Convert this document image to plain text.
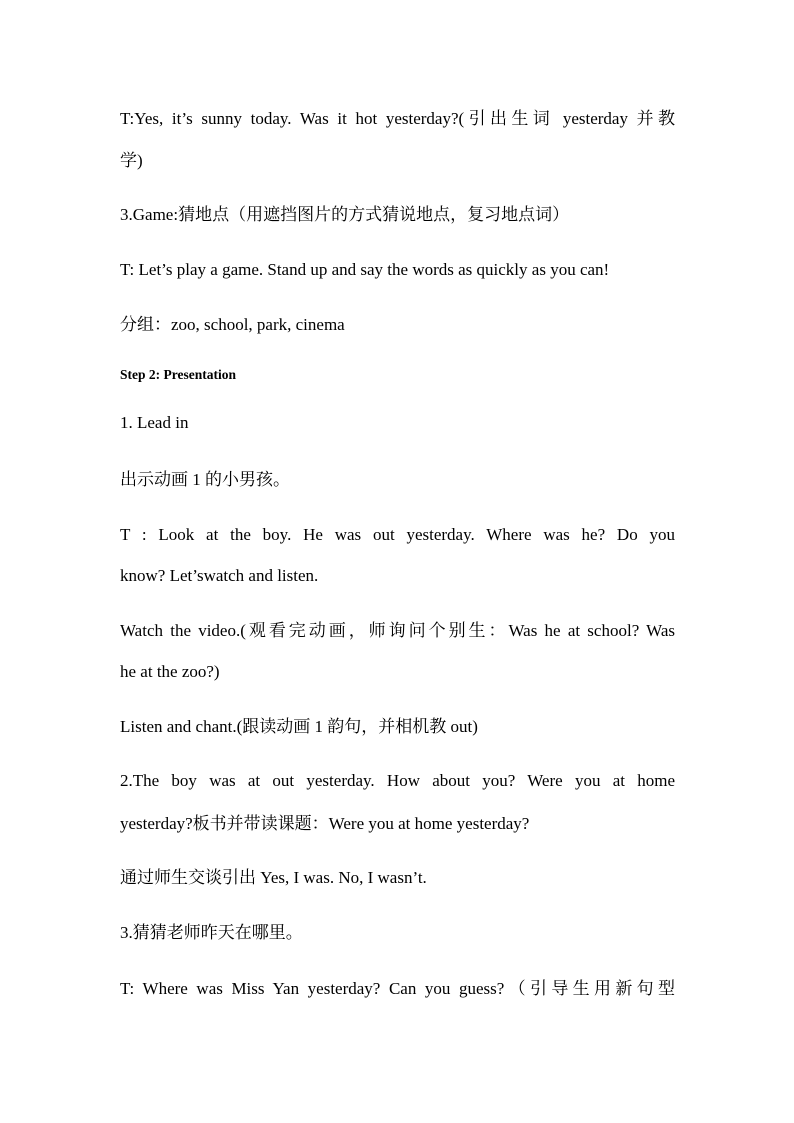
T:Yes, it’s sunny today. Was it hot yesterday?(引出生词 yesterday 并教
学)
3.Game:猜地点（用遮挡图片的方式猜说地点，复习地点词）
T: Let’s play a game. Stand up and say the words as quickly as you can!
分组：zoo, school, park, cinema
Step 2: Presentation
1. Lead in
出示动画 1 的小男孩。
T : Look at the boy. He was out yesterday. Where was he? Do you
know? Let’swatch and listen.
Watch the video.(观看完动画，师询问个别生：Was he at school? Was
he at the zoo?)
Listen and chant.(跟读动画 1 韵句，并相机教 out)
2.The boy was at out yesterday. How about you? Were you at home
yesterday?板书并带读课题：Were you at home yesterday?
通过师生交谈引出 Yes, I was. No, I wasn’t.
3.猜猜老师昨天在哪里。
T: Where was Miss Yan yesterday? Can you guess?（引导生用新句型
